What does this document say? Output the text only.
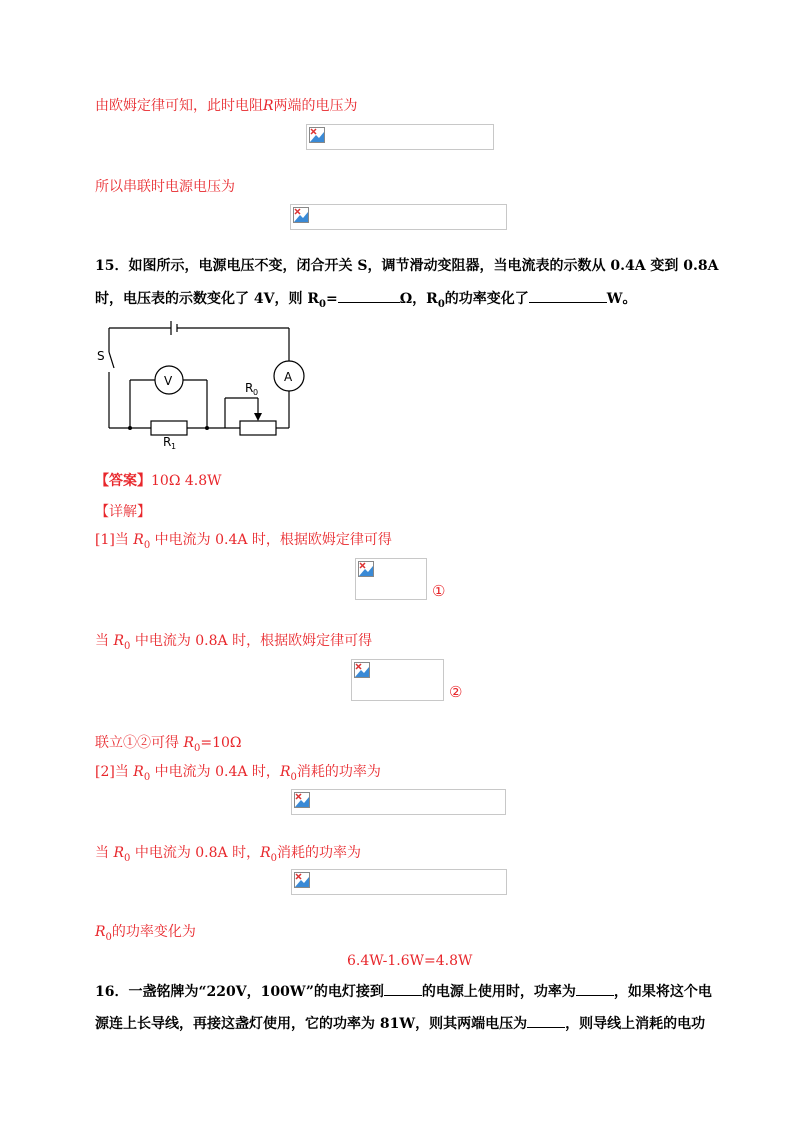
由欧姆定律可知，此时电阻R两端的电压为
所以串联时电源电压为
15．如图所示，电源电压不变，闭合开关 S，调节滑动变阻器，当电流表的示数从 0.4A 变到 0.8A
时，电压表的示数变化了 4V，则 $R_0=$	Ω，$R_0$的功率变化了	W。
S
V	A
R 0
R 1
【答案】10Ω 4.8W
【详解】
[1]当 $R_0$ 中电流为 0.4A 时，根据欧姆定律可得
①
当 $R_0$ 中电流为 0.8A 时，根据欧姆定律可得
②
联立①②可得 $R_0=10\Omega$
[2]当 $R_0$ 中电流为 0.4A 时，$R_0$消耗的功率为
当 $R_0$ 中电流为 0.8A 时，$R_0$消耗的功率为
$R_0$的功率变化为
6.4W-1.6W=4.8W
16．一盏铭牌为“220V，100W”的电灯接到	的电源上使用时，功率为	，如果将这个电
源连上长导线，再接这盏灯使用，它的功率为 81W，则其两端电压为	，则导线上消耗的电功
